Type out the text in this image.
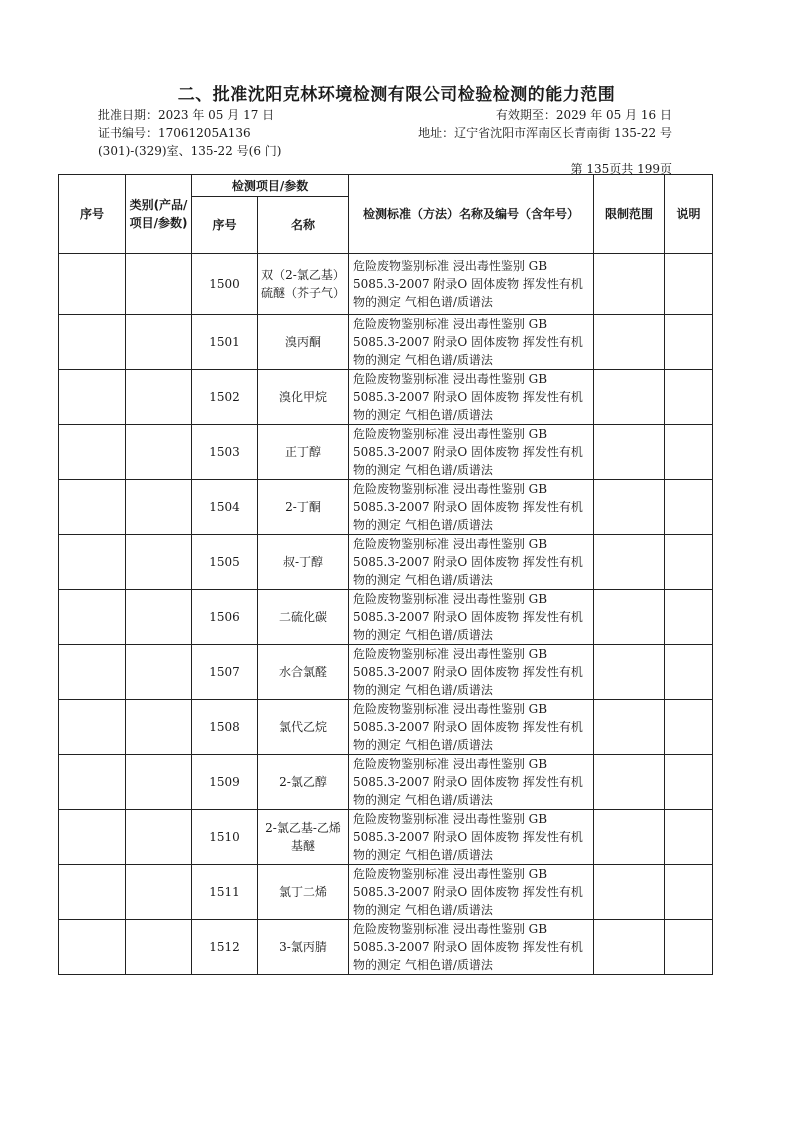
二、批准沈阳克林环境检测有限公司检验检测的能力范围
批准日期：2023 年 05 月 17 日	有效期至：2029 年 05 月 16 日
证书编号：17061205A136	地址：辽宁省沈阳市浑南区长青南街 135-22 号
(301)-(329)室、135-22 号(6 门)
第 135页共 199页
序号	类别(产品/项目/参数)	检测项目/参数		检测标准（方法）名称及编号（含年号）	限制范围	说明
		序号	名称			
		1500	双（2-氯乙基）硫醚（芥子气）	危险废物鉴别标准 浸出毒性鉴别 GB 5085.3-2007 附录O 固体废物 挥发性有机物的测定 气相色谱/质谱法		
		1501	溴丙酮	危险废物鉴别标准 浸出毒性鉴别 GB 5085.3-2007 附录O 固体废物 挥发性有机物的测定 气相色谱/质谱法		
		1502	溴化甲烷	危险废物鉴别标准 浸出毒性鉴别 GB 5085.3-2007 附录O 固体废物 挥发性有机物的测定 气相色谱/质谱法		
		1503	正丁醇	危险废物鉴别标准 浸出毒性鉴别 GB 5085.3-2007 附录O 固体废物 挥发性有机物的测定 气相色谱/质谱法		
		1504	2-丁酮	危险废物鉴别标准 浸出毒性鉴别 GB 5085.3-2007 附录O 固体废物 挥发性有机物的测定 气相色谱/质谱法		
		1505	叔-丁醇	危险废物鉴别标准 浸出毒性鉴别 GB 5085.3-2007 附录O 固体废物 挥发性有机物的测定 气相色谱/质谱法		
		1506	二硫化碳	危险废物鉴别标准 浸出毒性鉴别 GB 5085.3-2007 附录O 固体废物 挥发性有机物的测定 气相色谱/质谱法		
		1507	水合氯醛	危险废物鉴别标准 浸出毒性鉴别 GB 5085.3-2007 附录O 固体废物 挥发性有机物的测定 气相色谱/质谱法		
		1508	氯代乙烷	危险废物鉴别标准 浸出毒性鉴别 GB 5085.3-2007 附录O 固体废物 挥发性有机物的测定 气相色谱/质谱法		
		1509	2-氯乙醇	危险废物鉴别标准 浸出毒性鉴别 GB 5085.3-2007 附录O 固体废物 挥发性有机物的测定 气相色谱/质谱法		
		1510	2-氯乙基-乙烯基醚	危险废物鉴别标准 浸出毒性鉴别 GB 5085.3-2007 附录O 固体废物 挥发性有机物的测定 气相色谱/质谱法		
		1511	氯丁二烯	危险废物鉴别标准 浸出毒性鉴别 GB 5085.3-2007 附录O 固体废物 挥发性有机物的测定 气相色谱/质谱法		
		1512	3-氯丙腈	危险废物鉴别标准 浸出毒性鉴别 GB 5085.3-2007 附录O 固体废物 挥发性有机物的测定 气相色谱/质谱法		
